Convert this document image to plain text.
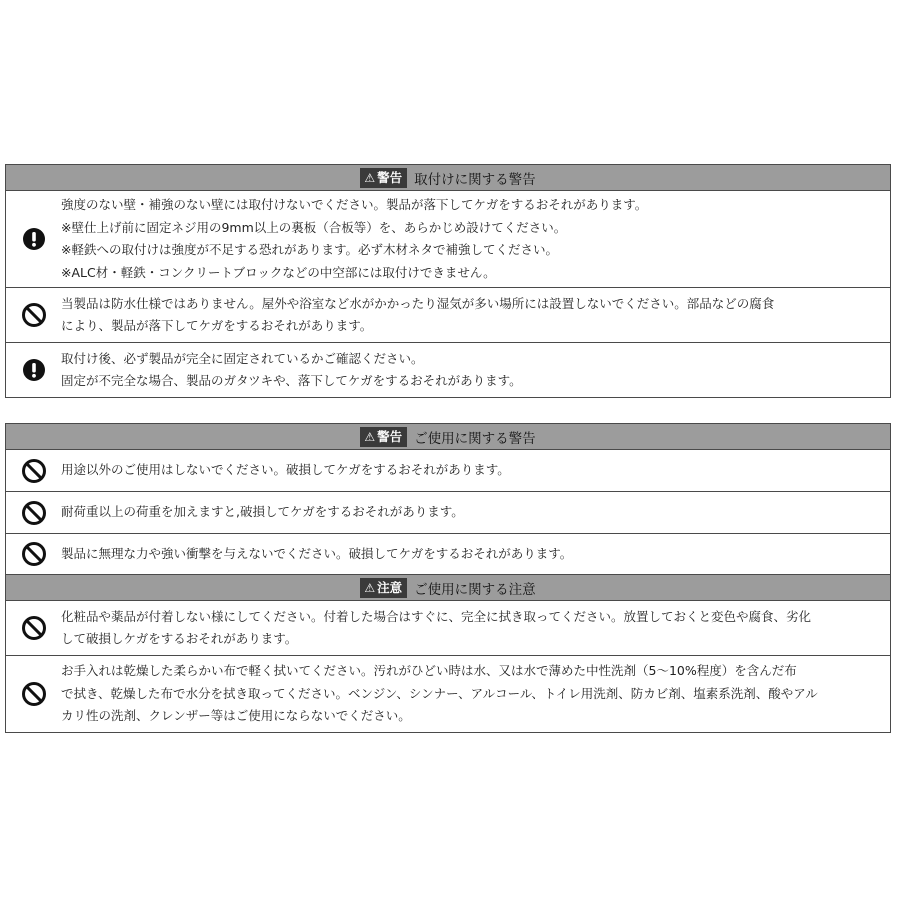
⚠ 警告 取付けに関する警告
強度のない壁・補強のない壁には取付けないでください。製品が落下してケガをするおそれがあります。
※壁仕上げ前に固定ネジ用の9mm以上の裏板（合板等）を、あらかじめ設けてください。
※軽鉄への取付けは強度が不足する恐れがあります。必ず木材ネタで補強してください。
※ALC材・軽鉄・コンクリートブロックなどの中空部には取付けできません。
当製品は防水仕様ではありません。屋外や浴室など水がかかったり湿気が多い場所には設置しないでください。部品などの腐食
により、製品が落下してケガをするおそれがあります。
取付け後、必ず製品が完全に固定されているかご確認ください。
固定が不完全な場合、製品のガタツキや、落下してケガをするおそれがあります。
⚠ 警告 ご使用に関する警告
用途以外のご使用はしないでください。破損してケガをするおそれがあります。
耐荷重以上の荷重を加えますと,破損してケガをするおそれがあります。
製品に無理な力や強い衝撃を与えないでください。破損してケガをするおそれがあります。
⚠ 注意 ご使用に関する注意
化粧品や薬品が付着しない様にしてください。付着した場合はすぐに、完全に拭き取ってください。放置しておくと変色や腐食、劣化
して破損しケガをするおそれがあります。
お手入れは乾燥した柔らかい布で軽く拭いてください。汚れがひどい時は水、又は水で薄めた中性洗剤（5〜10%程度）を含んだ布
で拭き、乾燥した布で水分を拭き取ってください。ベンジン、シンナー、アルコール、トイレ用洗剤、防カビ剤、塩素系洗剤、酸やアル
カリ性の洗剤、クレンザー等はご使用にならないでください。
